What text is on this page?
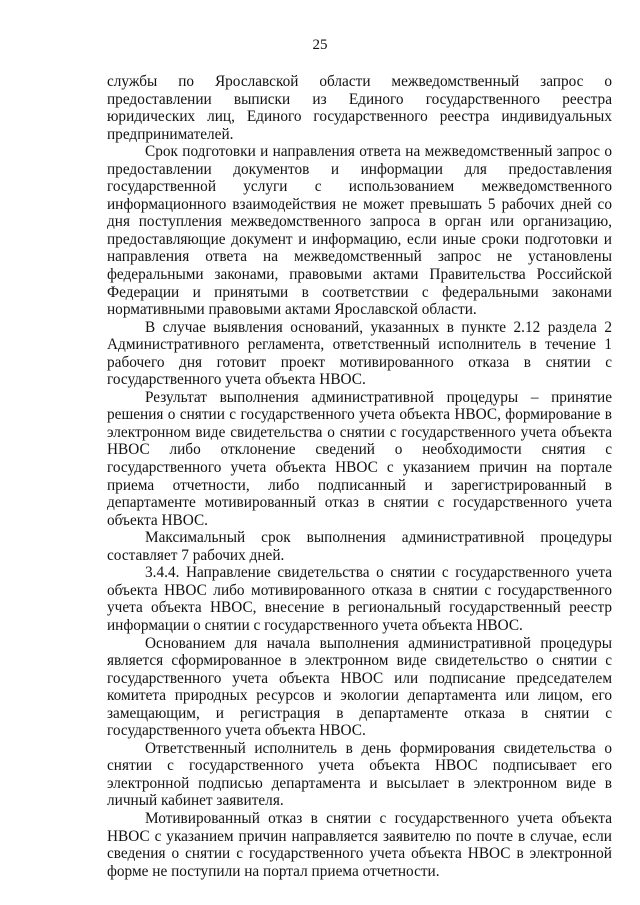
25

службы по Ярославской области межведомственный запрос о предоставлении выписки из Единого государственного реестра юридических лиц, Единого государственного реестра индивидуальных предпринимателей.

Срок подготовки и направления ответа на межведомственный запрос о предоставлении документов и информации для предоставления государственной услуги с использованием межведомственного информационного взаимодействия не может превышать 5 рабочих дней со дня поступления межведомственного запроса в орган или организацию, предоставляющие документ и информацию, если иные сроки подготовки и направления ответа на межведомственный запрос не установлены федеральными законами, правовыми актами Правительства Российской Федерации и принятыми в соответствии с федеральными законами нормативными правовыми актами Ярославской области.

В случае выявления оснований, указанных в пункте 2.12 раздела 2 Административного регламента, ответственный исполнитель в течение 1 рабочего дня готовит проект мотивированного отказа в снятии с государственного учета объекта НВОС.

Результат выполнения административной процедуры – принятие решения о снятии с государственного учета объекта НВОС, формирование в электронном виде свидетельства о снятии с государственного учета объекта НВОС либо отклонение сведений о необходимости снятия с государственного учета объекта НВОС с указанием причин на портале приема отчетности, либо подписанный и зарегистрированный в департаменте мотивированный отказ в снятии с государственного учета объекта НВОС.

Максимальный срок выполнения административной процедуры составляет 7 рабочих дней.

3.4.4. Направление свидетельства о снятии с государственного учета объекта НВОС либо мотивированного отказа в снятии с государственного учета объекта НВОС, внесение в региональный государственный реестр информации о снятии с государственного учета объекта НВОС.

Основанием для начала выполнения административной процедуры является сформированное в электронном виде свидетельство о снятии с государственного учета объекта НВОС или подписание председателем комитета природных ресурсов и экологии департамента или лицом, его замещающим, и регистрация в департаменте отказа в снятии с государственного учета объекта НВОС.

Ответственный исполнитель в день формирования свидетельства о снятии с государственного учета объекта НВОС подписывает его электронной подписью департамента и высылает в электронном виде в личный кабинет заявителя.

Мотивированный отказ в снятии с государственного учета объекта НВОС с указанием причин направляется заявителю по почте в случае, если сведения о снятии с государственного учета объекта НВОС в электронной форме не поступили на портал приема отчетности.
